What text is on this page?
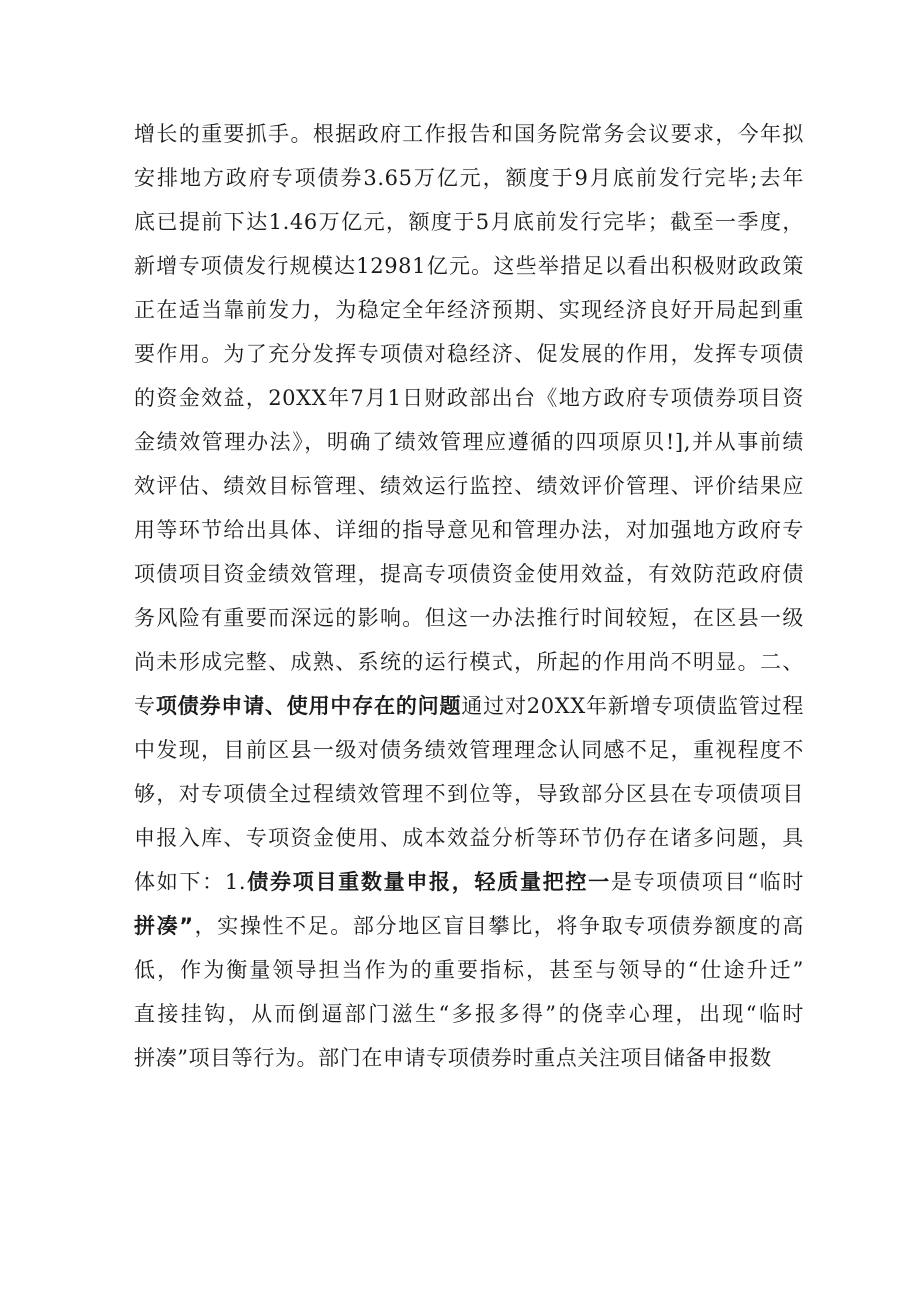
增长的重要抓手。根据政府工作报告和国务院常务会议要求，今年拟
安排地方政府专项债券3.65万亿元，额度于9月底前发行完毕;去年
底已提前下达1.46万亿元，额度于5月底前发行完毕；截至一季度，
新增专项债发行规模达12981亿元。这些举措足以看出积极财政政策
正在适当靠前发力，为稳定全年经济预期、实现经济良好开局起到重
要作用。为了充分发挥专项债对稳经济、促发展的作用，发挥专项债
的资金效益，20XX年7月1日财政部出台《地方政府专项债券项目资
金绩效管理办法》，明确了绩效管理应遵循的四项原贝!],并从事前绩
效评估、绩效目标管理、绩效运行监控、绩效评价管理、评价结果应
用等环节给出具体、详细的指导意见和管理办法，对加强地方政府专
项债项目资金绩效管理，提高专项债资金使用效益，有效防范政府债
务风险有重要而深远的影响。但这一办法推行时间较短，在区县一级
尚未形成完整、成熟、系统的运行模式，所起的作用尚不明显。二、
专项债券申请、使用中存在的问题通过对20XX年新增专项债监管过程
中发现，目前区县一级对债务绩效管理理念认同感不足，重视程度不
够，对专项债全过程绩效管理不到位等，导致部分区县在专项债项目
申报入库、专项资金使用、成本效益分析等环节仍存在诸多问题，具
体如下：1.债券项目重数量申报，轻质量把控一是专项债项目“临时
拼凑”，实操性不足。部分地区盲目攀比，将争取专项债券额度的高
低，作为衡量领导担当作为的重要指标，甚至与领导的“仕途升迁”
直接挂钩，从而倒逼部门滋生“多报多得”的侥幸心理，出现“临时
拼凑”项目等行为。部门在申请专项债券时重点关注项目储备申报数
